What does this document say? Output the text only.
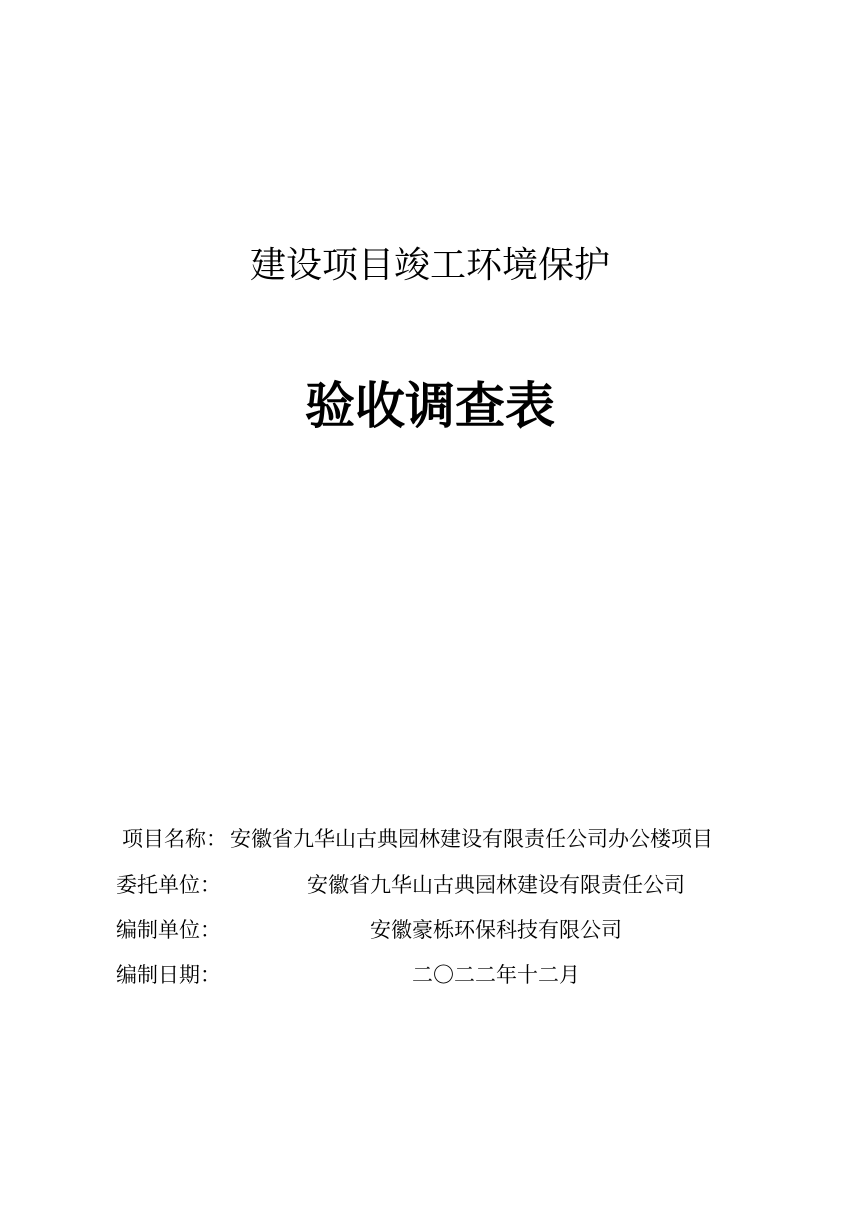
建设项目竣工环境保护
验收调查表
项目名称： 安徽省九华山古典园林建设有限责任公司办公楼项目
委托单位：	安徽省九华山古典园林建设有限责任公司
编制单位：	安徽豪栎环保科技有限公司
编制日期：	二〇二二年十二月
